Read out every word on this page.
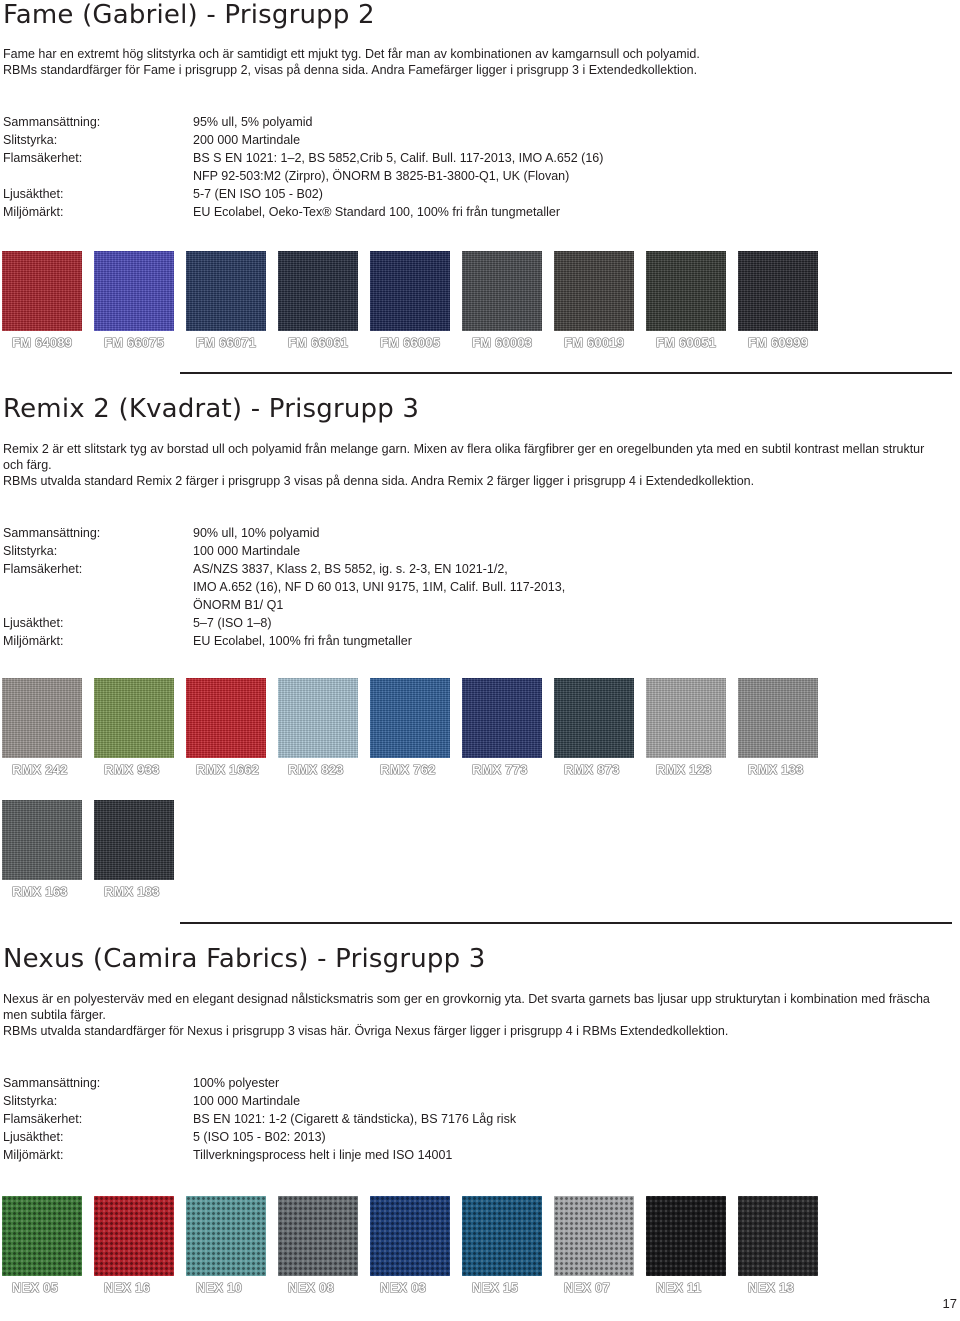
Fame (Gabriel) - Prisgrupp 2

Fame har en extremt hög slitstyrka och är samtidigt ett mjukt tyg. Det får man av kombinationen av kamgarnsull och polyamid.

RBMs standardfärger för Fame i prisgrupp 2, visas på denna sida. Andra Famefärger ligger i prisgrupp 3 i Extendedkollektion.

Sammansättning:	95% ull, 5% polyamid
Slitstyrka:	200 000 Martindale
Flamsäkerhet:	BS S EN 1021: 1–2, BS 5852,Crib 5, Calif. Bull. 117-2013, IMO A.652 (16)
NFP 92-503:M2 (Zirpro), ÖNORM B 3825-B1-3800-Q1, UK (Flovan)
Ljusäkthet:	5-7 (EN ISO 105 - B02)
Miljömärkt:	EU Ecolabel, Oeko-Tex® Standard 100, 100% fri från tungmetaller
FM 64089 FM 66075 FM 66071 FM 66061 FM 66005 FM 60003 FM 60019 FM 60051 FM 60999
Remix 2 (Kvadrat) - Prisgrupp 3

Remix 2 är ett slitstark tyg av borstad ull och polyamid från melange garn. Mixen av flera olika färgfibrer ger en oregelbunden yta med en subtil kontrast mellan struktur och färg.

RBMs utvalda standard Remix 2 färger i prisgrupp 3 visas på denna sida. Andra Remix 2 färger ligger i prisgrupp 4 i Extendedkollektion.

Sammansättning:	90% ull, 10% polyamid
Slitstyrka:	100 000 Martindale
Flamsäkerhet:	AS/NZS 3837, Klass 2, BS 5852, ig. s. 2-3, EN 1021-1/2,
IMO A.652 (16), NF D 60 013, UNI 9175, 1IM, Calif. Bull. 117-2013,
ÖNORM B1/ Q1
Ljusäkthet:	5–7 (ISO 1–8)
Miljömärkt:	EU Ecolabel, 100% fri från tungmetaller
RMX 242	RMX 933	RMX 1662 RMX 823	RMX 762	RMX 773	RMX 873	RMX 123	RMX 133
RMX 163	RMX 183
Nexus (Camira Fabrics) - Prisgrupp 3

Nexus är en polyesterväv med en elegant designad nålsticksmatris som ger en grovkornig yta. Det svarta garnets bas ljusar upp strukturytan i kombination med fräscha men subtila färger.

RBMs utvalda standardfärger för Nexus i prisgrupp 3 visas här. Övriga Nexus färger ligger i prisgrupp 4 i RBMs Extendedkollektion.

Sammansättning:	100% polyester
Slitstyrka:	100 000 Martindale
Flamsäkerhet:	BS EN 1021: 1-2 (Cigarett & tändsticka), BS 7176 Låg risk
Ljusäkthet:	5 (ISO 105 - B02: 2013)
Miljömärkt:	Tillverkningsprocess helt i linje med ISO 14001
NEX 05	NEX 16	NEX 10	NEX 08	NEX 03	NEX 15	NEX 07	NEX 11	NEX 13
17
